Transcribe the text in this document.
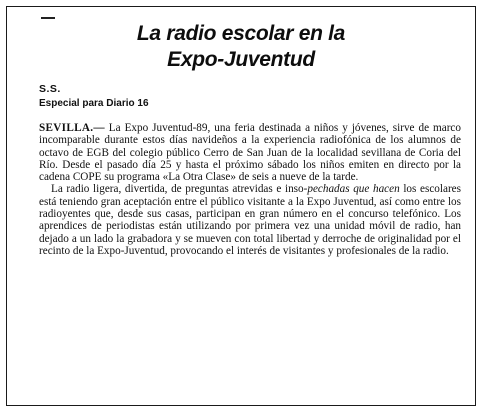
La radio escolar en la
Expo-Juventud
S.S.
Especial para Diario 16

SEVILLA.— La Expo Juventud-89, una feria destinada a niños y jóvenes, sirve de marco incomparable durante estos días navideños a la experiencia radiofónica de los alumnos de octavo de EGB del colegio público Cerro de San Juan de la localidad sevillana de Coria del Río. Desde el pasado día 25 y hasta el próximo sábado los niños emiten en directo por la cadena COPE su programa «La Otra Clase» de seis a nueve de la tarde.

La radio ligera, divertida, de preguntas atrevidas e inso-pechadas que hacen los escolares está teniendo gran aceptación entre el público visitante a la Expo Juventud, así como entre los radioyentes que, desde sus casas, participan en gran número en el concurso telefónico. Los aprendices de periodistas están utilizando por primera vez una unidad móvil de radio, han dejado a un lado la grabadora y se mueven con total libertad y derroche de originalidad por el recinto de la Expo-Juventud, provocando el interés de visitantes y profesionales de la radio.
